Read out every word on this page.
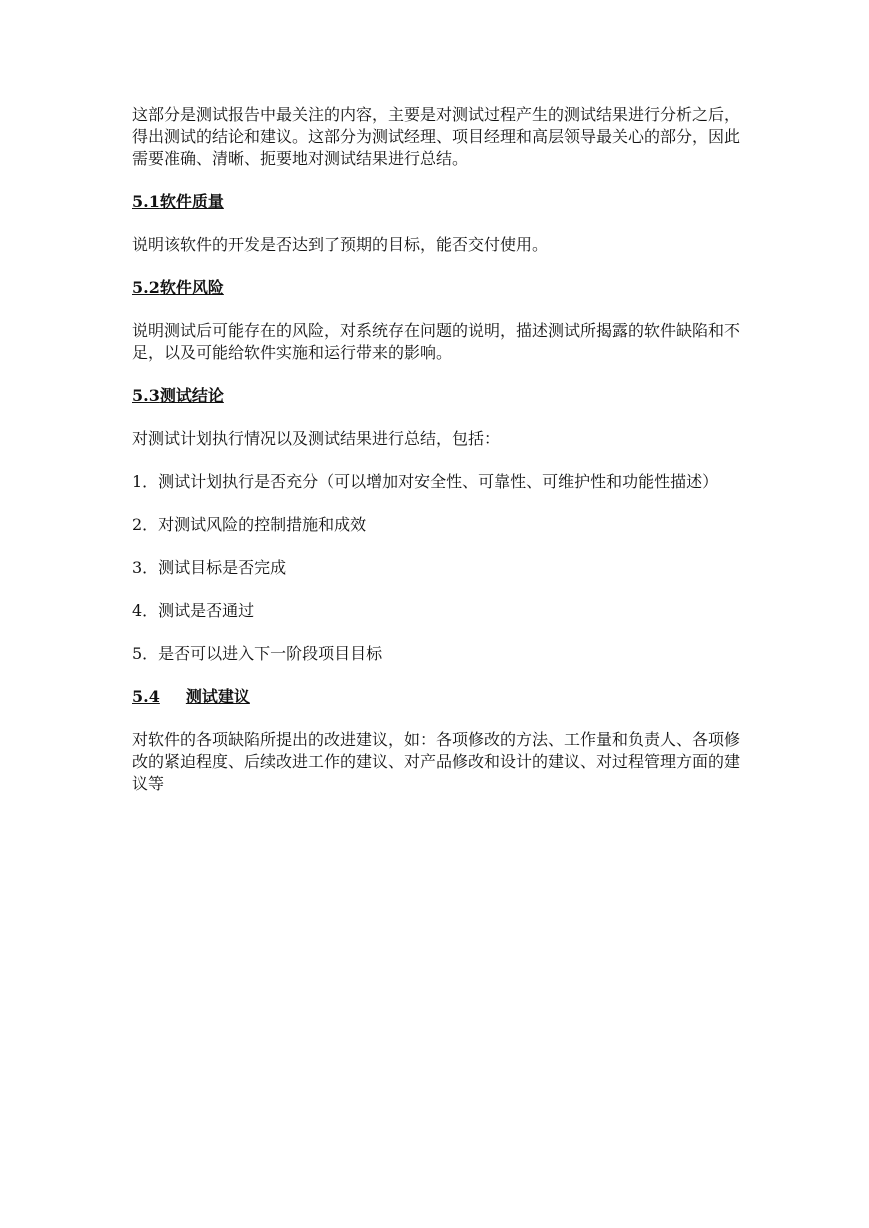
这部分是测试报告中最关注的内容，主要是对测试过程产生的测试结果进行分析之后，得出测试的结论和建议。这部分为测试经理、项目经理和高层领导最关心的部分，因此需要准确、清晰、扼要地对测试结果进行总结。

5.1软件质量

说明该软件的开发是否达到了预期的目标，能否交付使用。

5.2软件风险

说明测试后可能存在的风险，对系统存在问题的说明，描述测试所揭露的软件缺陷和不足，以及可能给软件实施和运行带来的影响。

5.3测试结论

对测试计划执行情况以及测试结果进行总结，包括：

1．测试计划执行是否充分（可以增加对安全性、可靠性、可维护性和功能性描述）

2．对测试风险的控制措施和成效

3．测试目标是否完成

4．测试是否通过

5．是否可以进入下一阶段项目目标

5.4 测试建议

对软件的各项缺陷所提出的改进建议，如：各项修改的方法、工作量和负责人、各项修改的紧迫程度、后续改进工作的建议、对产品修改和设计的建议、对过程管理方面的建议等
